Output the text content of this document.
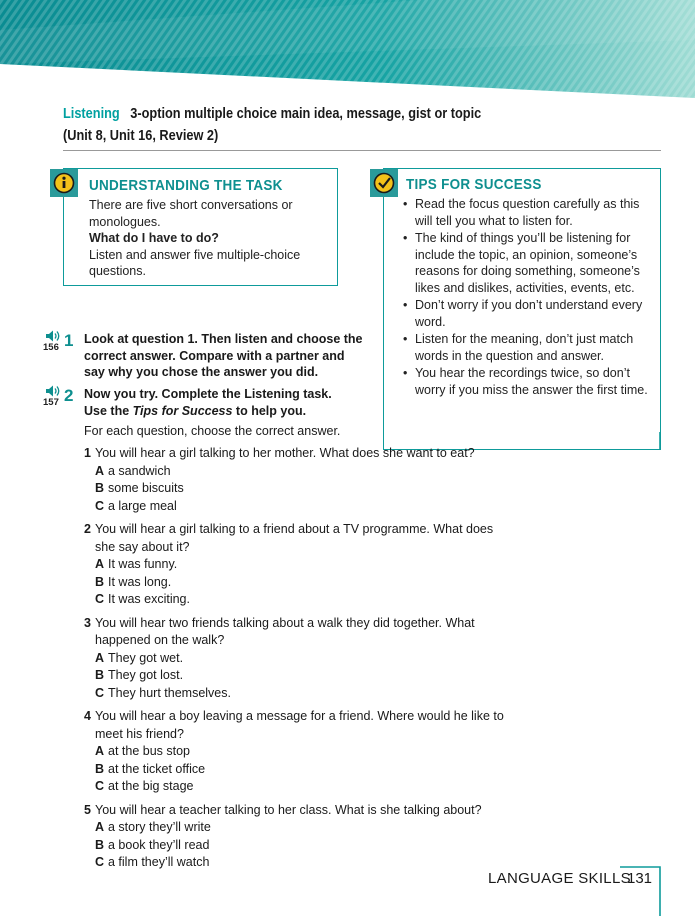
Listening 3-option multiple choice main idea, message, gist or topic
(Unit 8, Unit 16, Review 2)
UNDERSTANDING THE TASK

There are five short conversations or monologues.

What do I have to do?

Listen and answer five multiple-choice questions.

TIPS FOR SUCCESS
• Read the focus question carefully as this will tell you what to listen for.
• The kind of things you’ll be listening for include the topic, an opinion, someone’s reasons for doing something, someone’s likes and dislikes, activities, events, etc.
• Don’t worry if you don’t understand every word.
• Listen for the meaning, don’t just match words in the question and answer.
• You hear the recordings twice, so don’t worry if you miss the answer the first time.
156 1 Look at question 1. Then listen and choose the correct answer. Compare with a partner and say why you chose the answer you did.
157 2 Now you try. Complete the Listening task. Use the Tips for Success to help you.
For each question, choose the correct answer.
1 You will hear a girl talking to her mother. What does she want to eat?
A a sandwich
B some biscuits
C a large meal
2 You will hear a girl talking to a friend about a TV programme. What does she say about it?
A It was funny.
B It was long.
C It was exciting.
3 You will hear two friends talking about a walk they did together. What happened on the walk?
A They got wet.
B They got lost.
C They hurt themselves.
4 You will hear a boy leaving a message for a friend. Where would he like to meet his friend?
A at the bus stop
B at the ticket office
C at the big stage
5 You will hear a teacher talking to her class. What is she talking about?
A a story they’ll write
B a book they’ll read
C a film they’ll watch
LANGUAGE SKILLS
131
